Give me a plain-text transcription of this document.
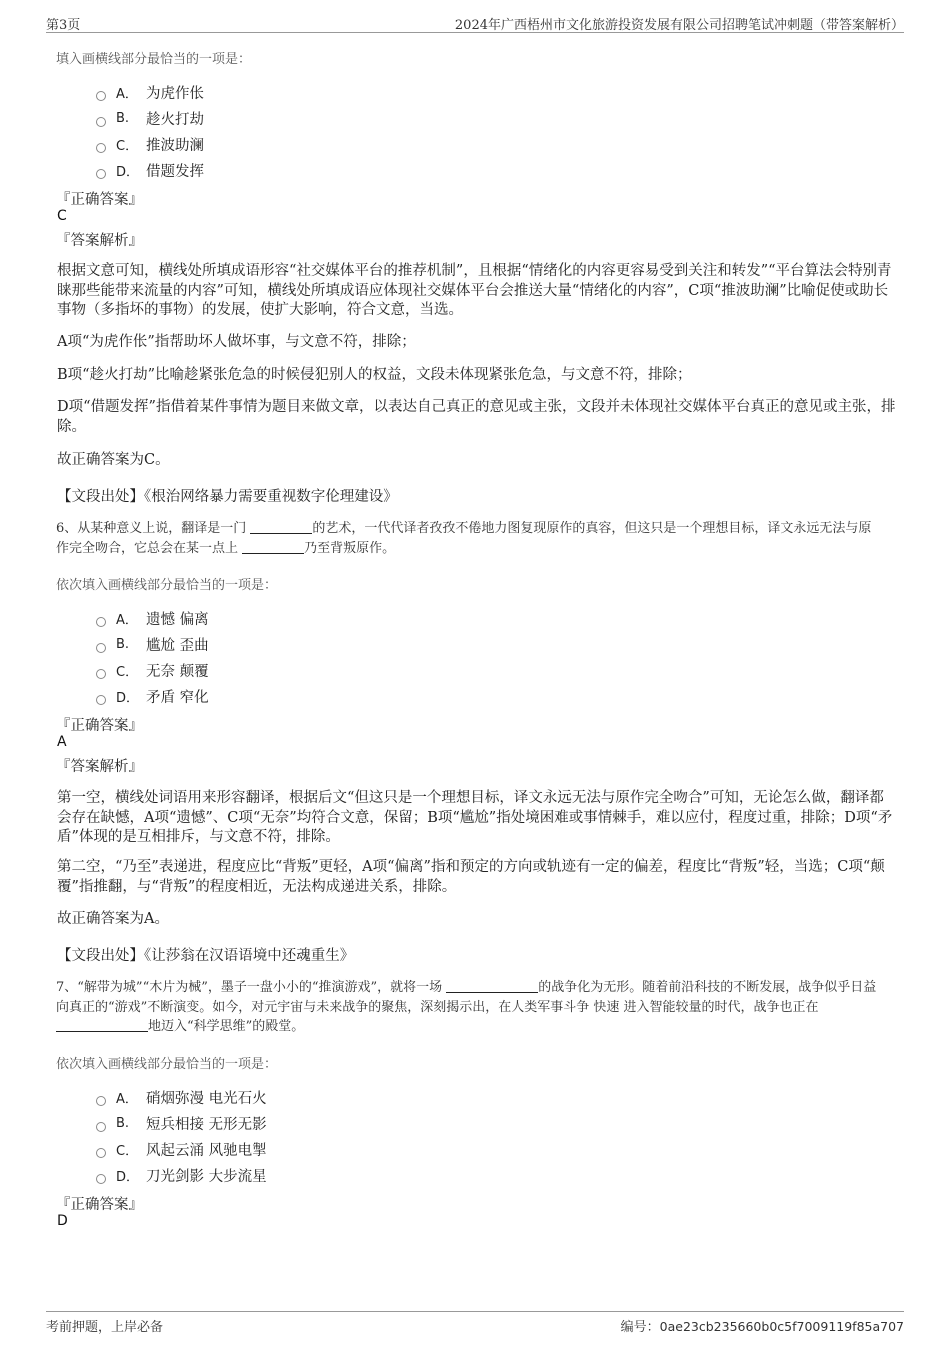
第3页	2024年广西梧州市文化旅游投资发展有限公司招聘笔试冲刺题（带答案解析）
填入画横线部分最恰当的一项是：
A． 为虎作伥
B.	趁火打劫
C． 推波助澜
D． 借题发挥
『正确答案』
C
『答案解析』
根据文意可知，横线处所填成语形容“社交媒体平台的推荐机制”，且根据“情绪化的内容更容易受到关注和转发”“平台算法会特别青睐那些能带来流量的内容”可知，横线处所填成语应体现社交媒体平台会推送大量“情绪化的内容”，C项“推波助澜”比喻促使或助长事物（多指坏的事物）的发展，使扩大影响，符合文意，当选。
A项“为虎作伥”指帮助坏人做坏事，与文意不符，排除；
B项“趁火打劫”比喻趁紧张危急的时候侵犯别人的权益，文段未体现紧张危急，与文意不符，排除；
D项“借题发挥”指借着某件事情为题目来做文章，以表达自己真正的意见或主张，文段并未体现社交媒体平台真正的意见或主张，排除。
故正确答案为C。
【文段出处】《根治网络暴力需要重视数字伦理建设》
6、从某种意义上说，翻译是一门	的艺术，一代代译者孜孜不倦地力图复现原作的真容，但这只是一个理想目标，译文永远无法与原
作完全吻合，它总会在某一点上	乃至背叛原作。
依次填入画横线部分最恰当的一项是：
A． 遗憾 偏离
B.	尴尬 歪曲
C． 无奈 颠覆
D． 矛盾 窄化
『正确答案』
A
『答案解析』
第一空，横线处词语用来形容翻译，根据后文“但这只是一个理想目标，译文永远无法与原作完全吻合”可知，无论怎么做，翻译都会存在缺憾，A项“遗憾”、C项“无奈”均符合文意，保留；B项“尴尬”指处境困难或事情棘手，难以应付，程度过重，排除；D项“矛盾”体现的是互相排斥，与文意不符，排除。
第二空，“乃至”表递进，程度应比“背叛”更轻，A项“偏离”指和预定的方向或轨迹有一定的偏差，程度比“背叛”轻，当选；C项“颠覆”指推翻，与“背叛”的程度相近，无法构成递进关系，排除。
故正确答案为A。
【文段出处】《让莎翁在汉语语境中还魂重生》
7、“解带为城”“木片为械”，墨子一盘小小的“推演游戏”，就将一场	的战争化为无形。随着前沿科技的不断发展，战争似乎日益
向真正的“游戏”不断演变。如今，对元宇宙与未来战争的聚焦，深刻揭示出，在人类军事斗争 快速 进入智能较量的时代，战争也正在
地迈入“科学思维”的殿堂。
依次填入画横线部分最恰当的一项是：
A． 硝烟弥漫 电光石火
B.	短兵相接 无形无影
C． 风起云涌 风驰电掣
D． 刀光剑影 大步流星
『正确答案』
D
考前押题，上岸必备	编号：0ae23cb235660b0c5f7009119f85a707
